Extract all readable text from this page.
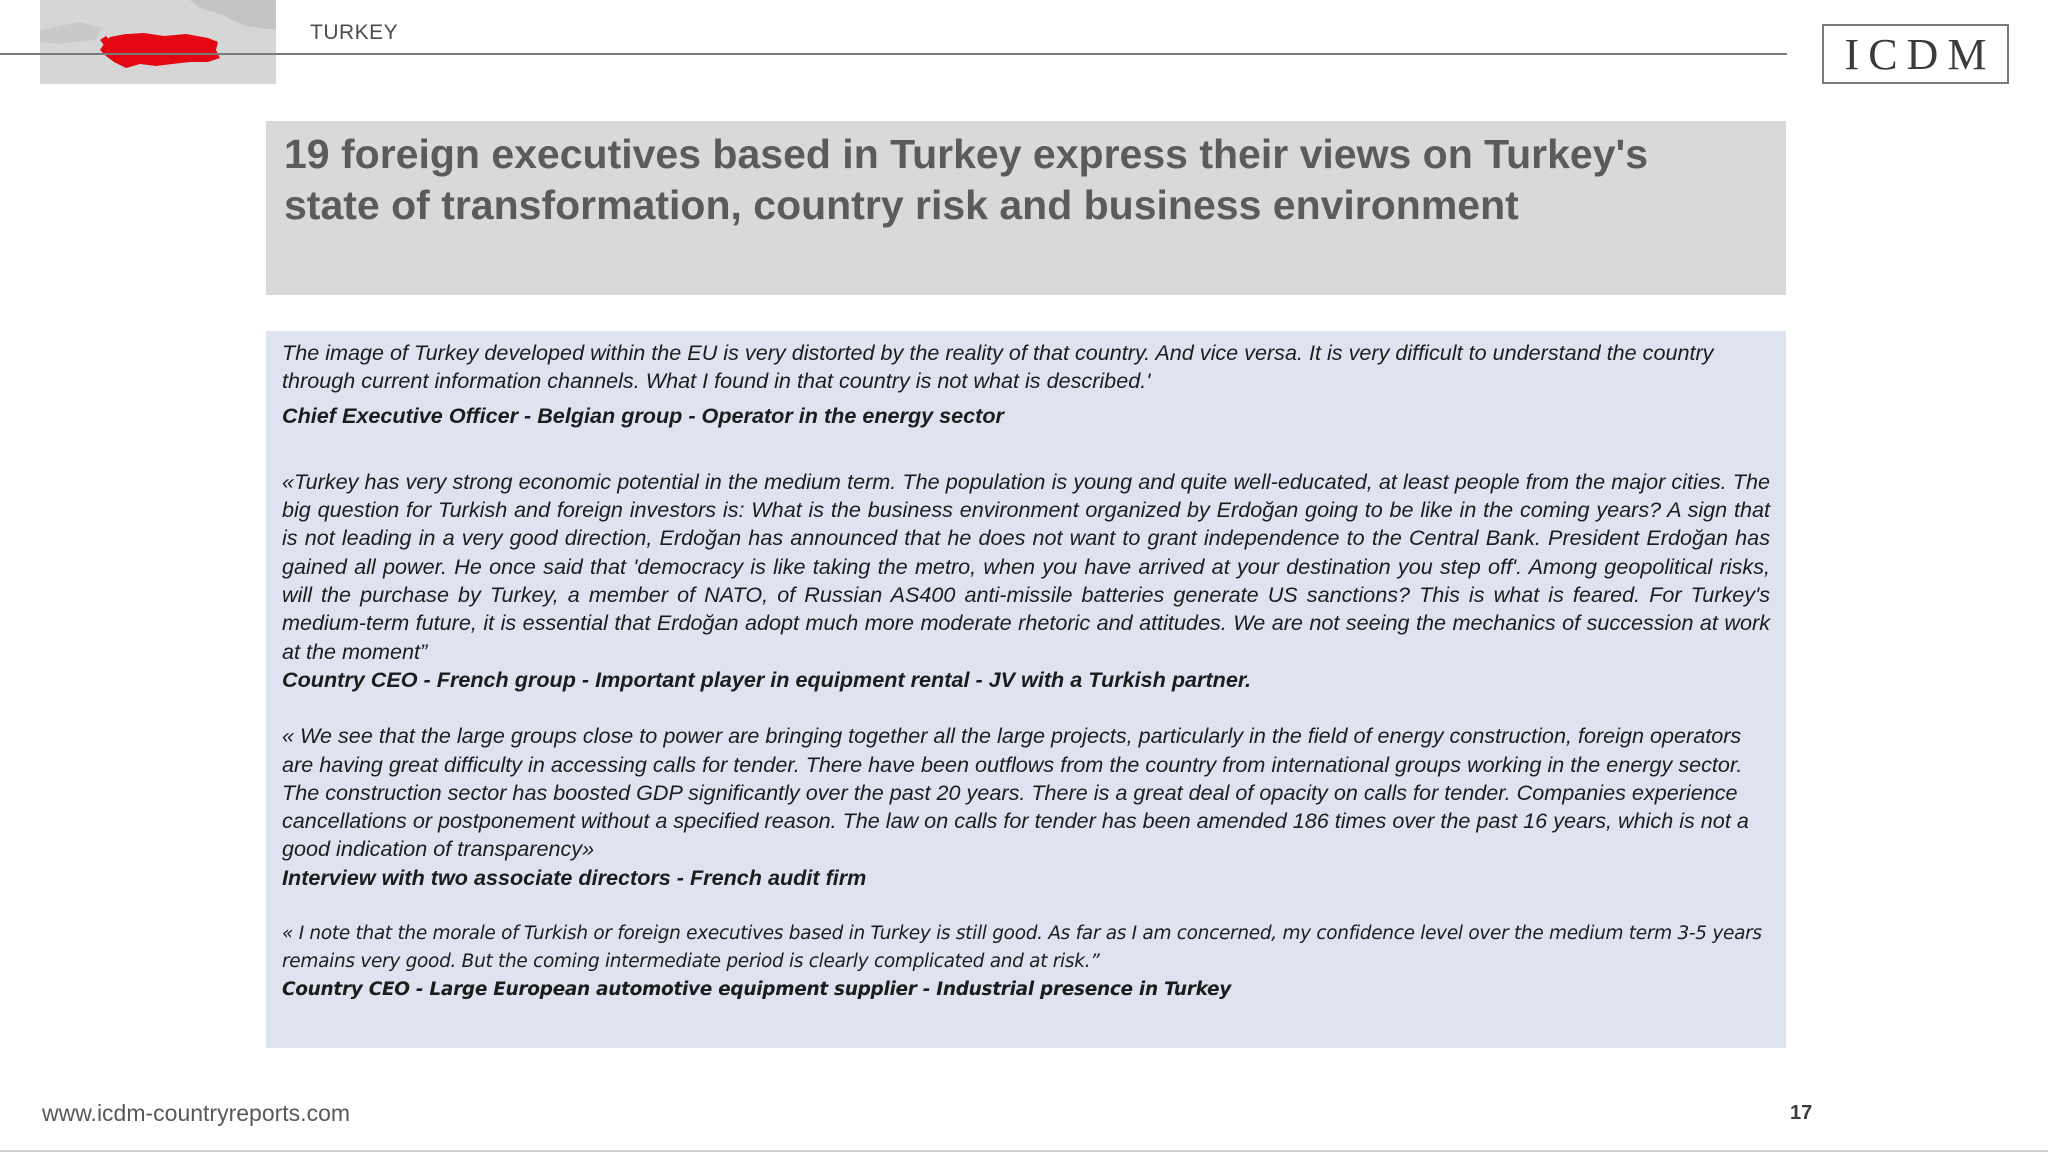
TURKEY	ICDM
19 foreign executives based in Turkey express their views on Turkey's
state of transformation, country risk and business environment

The image of Turkey developed within the EU is very distorted by the reality of that country. And vice versa. It is very difficult to understand the country through current information channels. What I found in that country is not what is described.'

Chief Executive Officer - Belgian group - Operator in the energy sector

«Turkey has very strong economic potential in the medium term. The population is young and quite well-educated, at least people from the major cities. The big question for Turkish and foreign investors is: What is the business environment organized by Erdoğan going to be like in the coming years? A sign that is not leading in a very good direction, Erdoğan has announced that he does not want to grant independence to the Central Bank. President Erdoğan has gained all power. He once said that 'democracy is like taking the metro, when you have arrived at your destination you step off'. Among geopolitical risks, will the purchase by Turkey, a member of NATO, of Russian AS400 anti-missile batteries generate US sanctions? This is what is feared. For Turkey's medium-term future, it is essential that Erdoğan adopt much more moderate rhetoric and attitudes. We are not seeing the mechanics of succession at work at the moment”

Country CEO - French group - Important player in equipment rental - JV with a Turkish partner.

« We see that the large groups close to power are bringing together all the large projects, particularly in the field of energy construction, foreign operators are having great difficulty in accessing calls for tender. There have been outflows from the country from international groups working in the energy sector. The construction sector has boosted GDP significantly over the past 20 years. There is a great deal of opacity on calls for tender. Companies experience cancellations or postponement without a specified reason. The law on calls for tender has been amended 186 times over the past 16 years, which is not a good indication of transparency»

Interview with two associate directors - French audit firm

« I note that the morale of Turkish or foreign executives based in Turkey is still good. As far as I am concerned, my confidence level over the medium term 3-5 years remains very good. But the coming intermediate period is clearly complicated and at risk.”

Country CEO - Large European automotive equipment supplier - Industrial presence in Turkey

www.icdm-countryreports.com	17
